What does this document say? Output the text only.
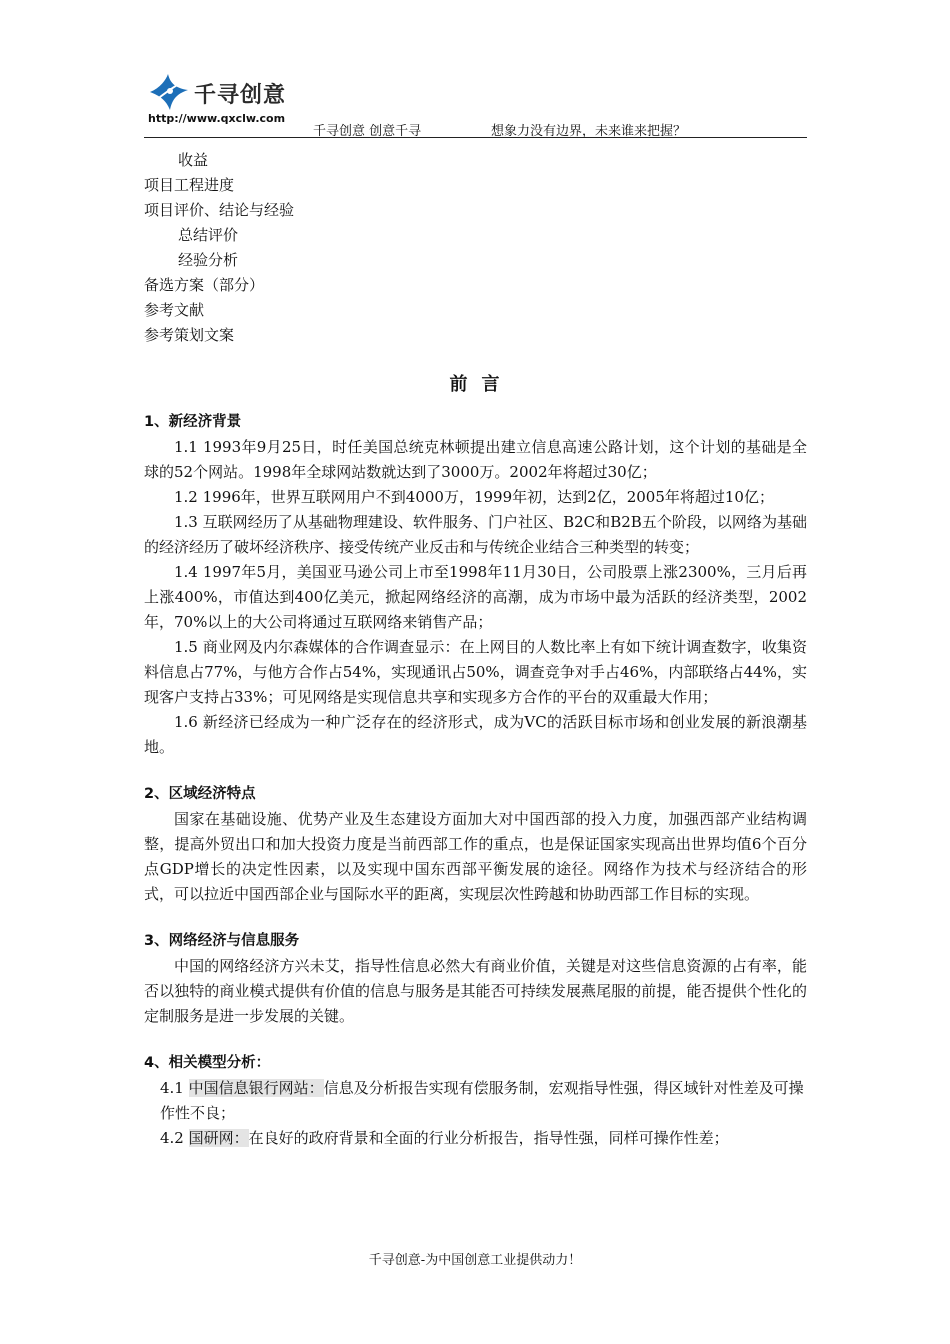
千寻创意
http://www.qxclw.com
千寻创意 创意千寻	想象力没有边界，未来谁来把握？
收益
项目工程进度
项目评价、结论与经验
总结评价
经验分析
备选方案（部分）
参考文献
参考策划文案
前言
1、新经济背景
1.1 1993年9月25日，时任美国总统克林顿提出建立信息高速公路计划，这个计划的基础是全球的52个网站。1998年全球网站数就达到了3000万。2002年将超过30亿；
1.2 1996年，世界互联网用户不到4000万，1999年初，达到2亿，2005年将超过10亿；
1.3 互联网经历了从基础物理建设、软件服务、门户社区、B2C和B2B五个阶段，以网络为基础的经济经历了破坏经济秩序、接受传统产业反击和与传统企业结合三种类型的转变；
1.4 1997年5月，美国亚马逊公司上市至1998年11月30日，公司股票上涨2300%，三月后再上涨400%，市值达到400亿美元，掀起网络经济的高潮，成为市场中最为活跃的经济类型，2002年，70%以上的大公司将通过互联网络来销售产品；
1.5 商业网及内尔森媒体的合作调查显示：在上网目的人数比率上有如下统计调查数字，收集资料信息占77%，与他方合作占54%，实现通讯占50%，调查竞争对手占46%，内部联络占44%，实现客户支持占33%；可见网络是实现信息共享和实现多方合作的平台的双重最大作用；
1.6 新经济已经成为一种广泛存在的经济形式，成为VC的活跃目标市场和创业发展的新浪潮基地。
2、区域经济特点
国家在基础设施、优势产业及生态建设方面加大对中国西部的投入力度，加强西部产业结构调整，提高外贸出口和加大投资力度是当前西部工作的重点，也是保证国家实现高出世界均值6个百分点GDP增长的决定性因素，以及实现中国东西部平衡发展的途径。网络作为技术与经济结合的形式，可以拉近中国西部企业与国际水平的距离，实现层次性跨越和协助西部工作目标的实现。
3、网络经济与信息服务
中国的网络经济方兴未艾，指导性信息必然大有商业价值，关键是对这些信息资源的占有率，能否以独特的商业模式提供有价值的信息与服务是其能否可持续发展燕尾服的前提，能否提供个性化的定制服务是进一步发展的关键。
4、相关模型分析：
4.1 中国信息银行网站：信息及分析报告实现有偿服务制，宏观指导性强，得区域针对性差及可操作性不良；
4.2 国研网：在良好的政府背景和全面的行业分析报告，指导性强，同样可操作性差；
千寻创意-为中国创意工业提供动力！
